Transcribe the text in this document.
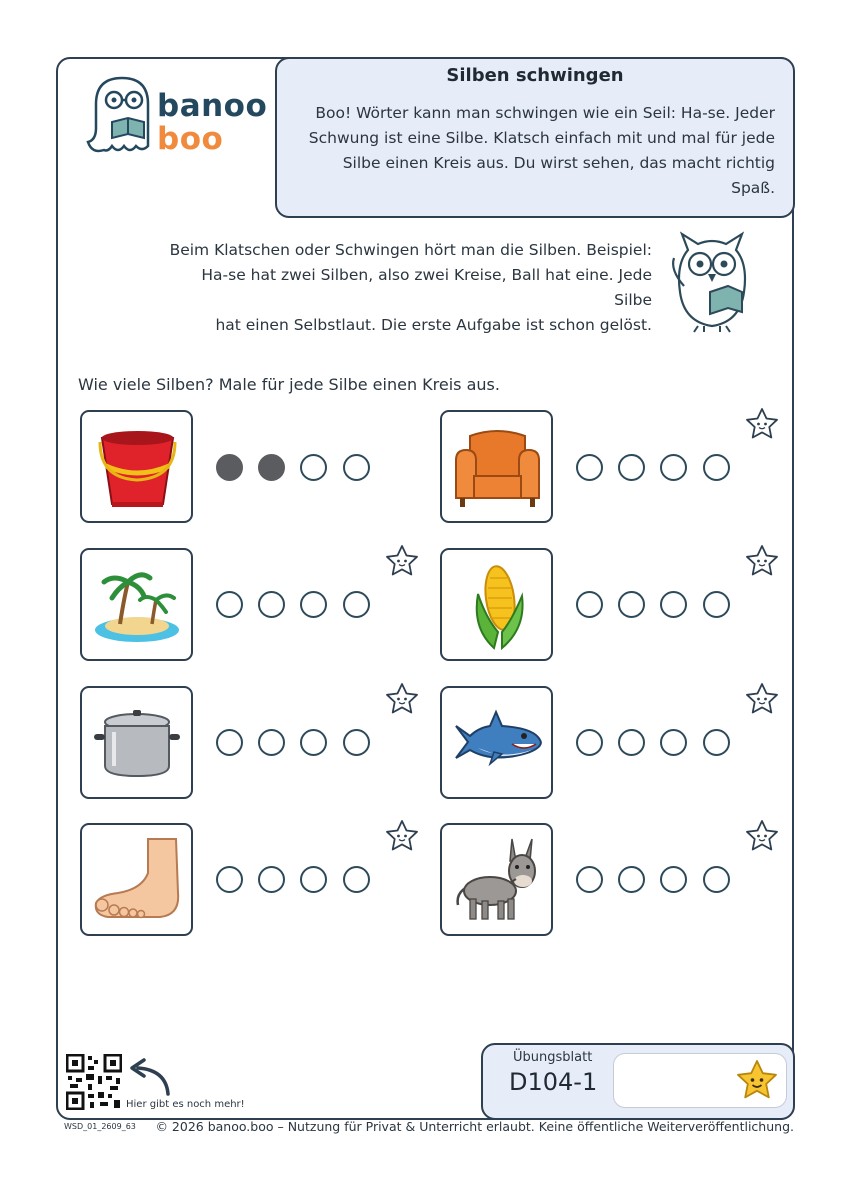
banoo
boo
Silben schwingen
Boo! Wörter kann man schwingen wie ein Seil: Ha-se. Jeder
Schwung ist eine Silbe. Klatsch einfach mit und mal für jede
Silbe einen Kreis aus. Du wirst sehen, das macht richtig Spaß.
Beim Klatschen oder Schwingen hört man die Silben. Beispiel:
Ha-se hat zwei Silben, also zwei Kreise, Ball hat eine. Jede Silbe
hat einen Selbstlaut. Die erste Aufgabe ist schon gelöst.
Wie viele Silben? Male für jede Silbe einen Kreis aus.
Hier gibt es noch mehr!
Übungsblatt
D104-1
WSD_01_2609_63 © 2026 banoo.boo – Nutzung für Privat & Unterricht erlaubt. Keine öffentliche Weiterveröffentlichung.
